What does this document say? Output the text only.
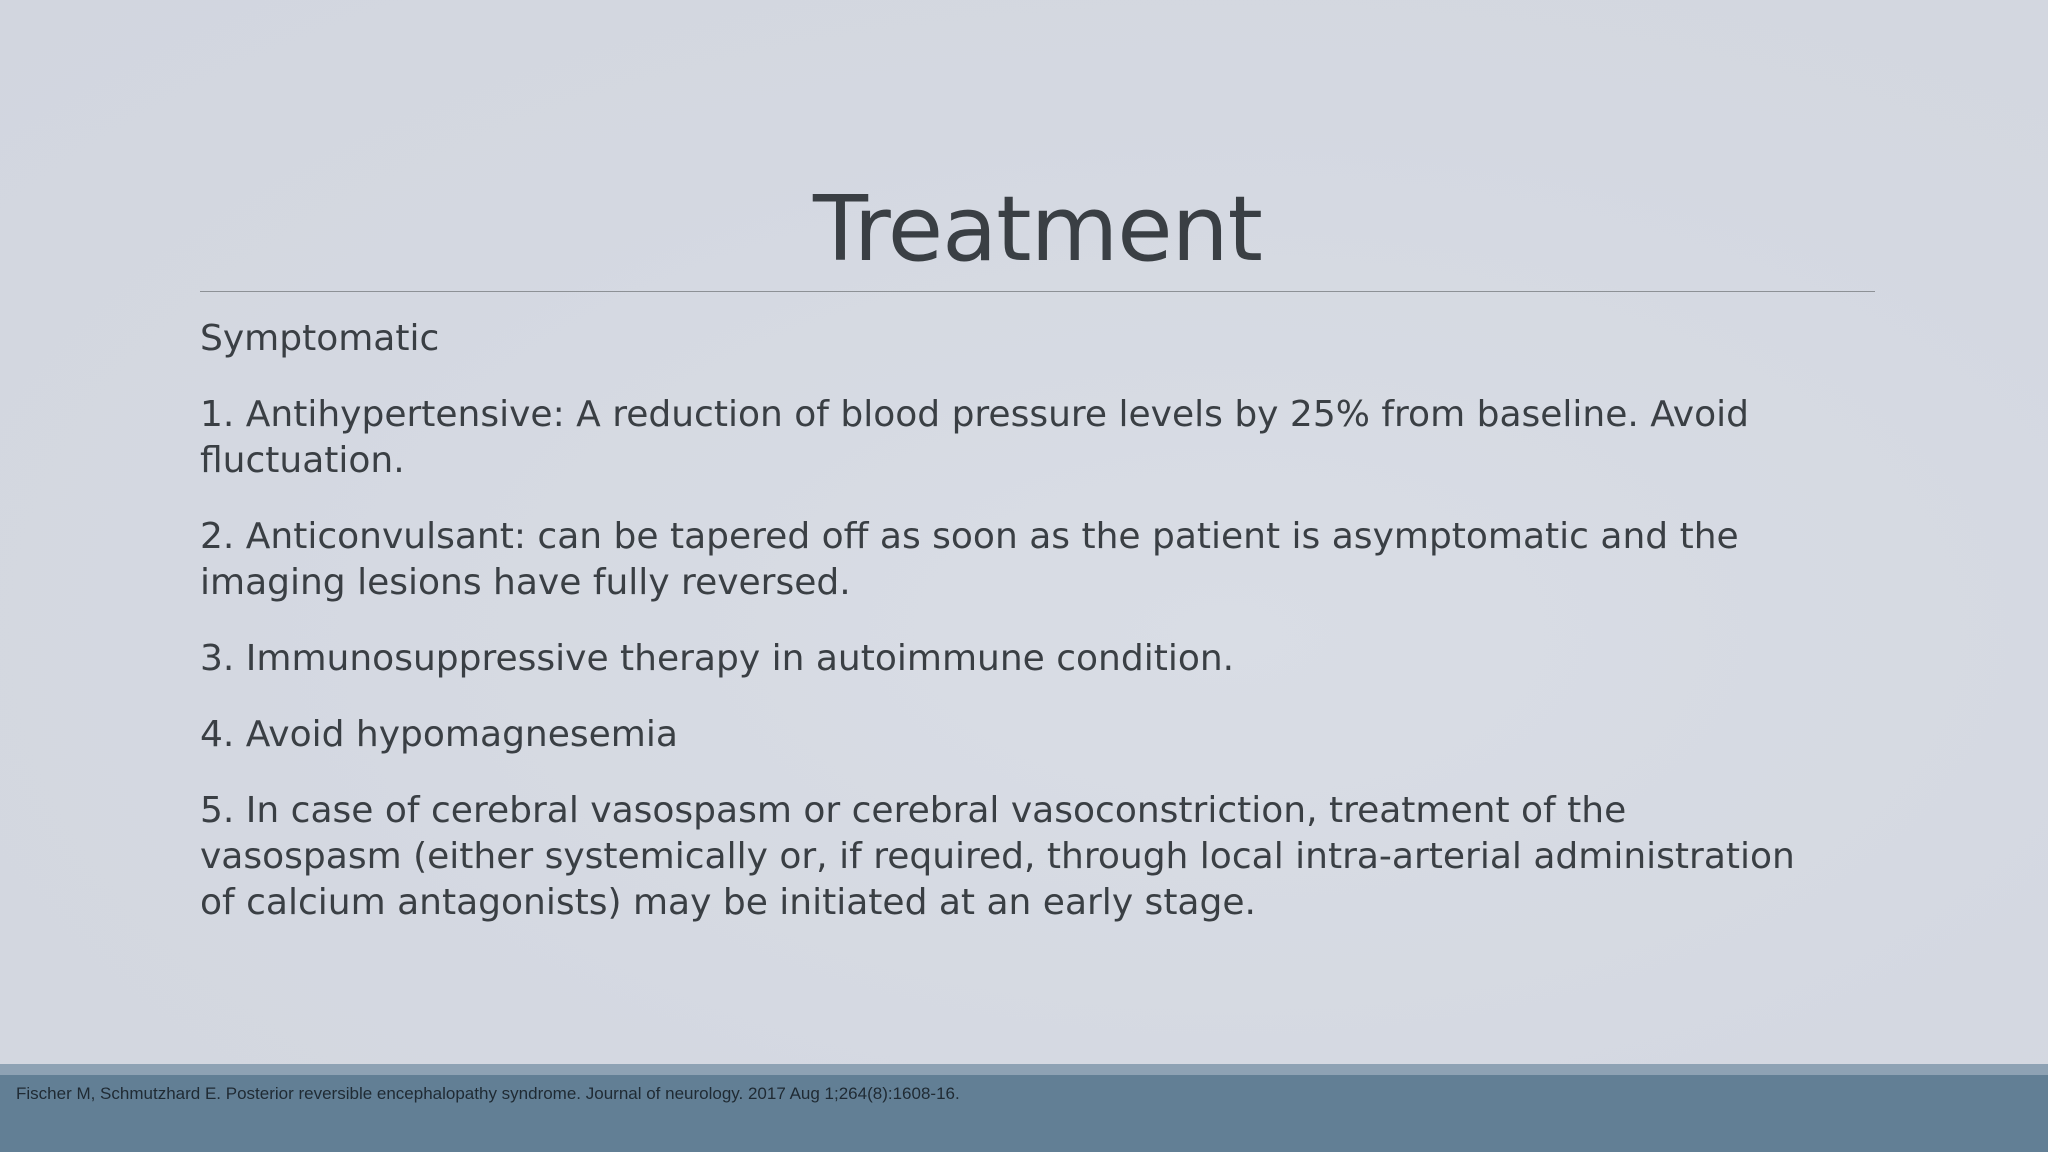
Treatment

Symptomatic

1. Antihypertensive: A reduction of blood pressure levels by 25% from baseline. Avoid fluctuation.

2. Anticonvulsant: can be tapered off as soon as the patient is asymptomatic and the imaging lesions have fully reversed.

3. Immunosuppressive therapy in autoimmune condition.

4. Avoid hypomagnesemia

5. In case of cerebral vasospasm or cerebral vasoconstriction, treatment of the vasospasm (either systemically or, if required, through local intra-arterial administration of calcium antagonists) may be initiated at an early stage.

Fischer M, Schmutzhard E. Posterior reversible encephalopathy syndrome. Journal of neurology. 2017 Aug 1;264(8):1608-16.
